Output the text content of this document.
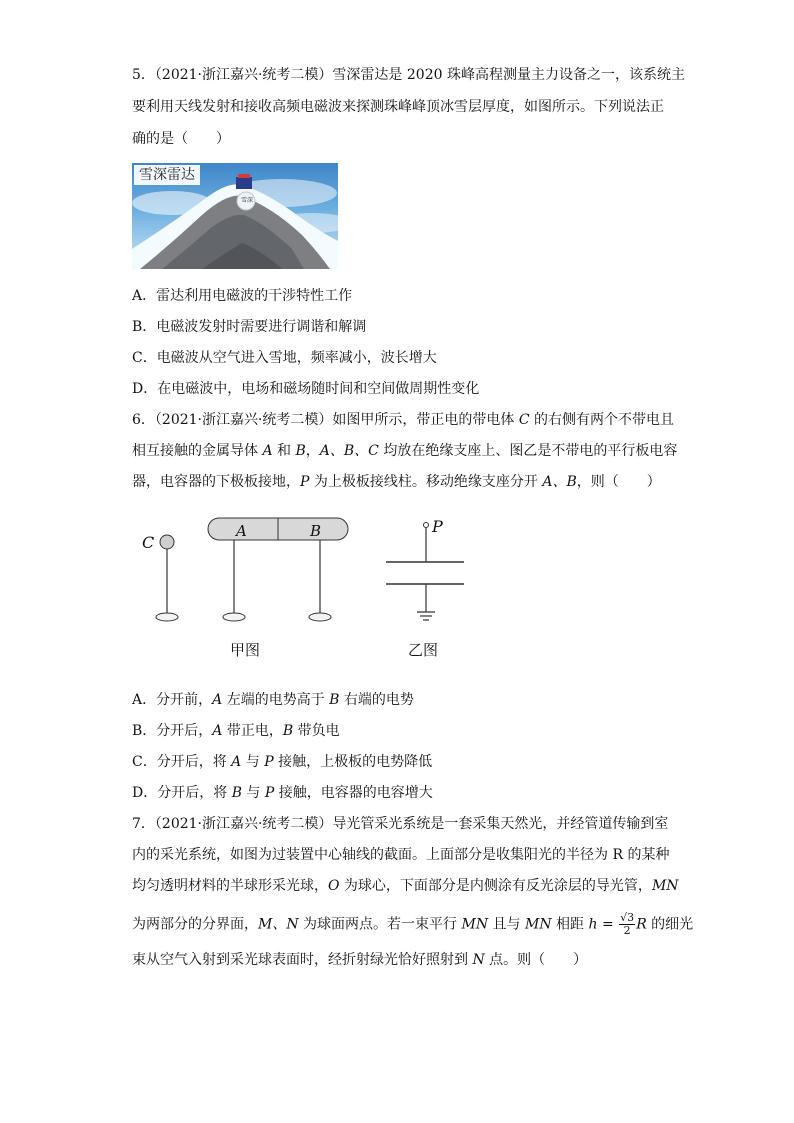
5．（2021·浙江嘉兴·统考二模）雪深雷达是 2020 珠峰高程测量主力设备之一，该系统主
要利用天线发射和接收高频电磁波来探测珠峰峰顶冰雪层厚度，如图所示。下列说法正
确的是（　　）
雪深雷达
雪深
A．雷达利用电磁波的干涉特性工作
B．电磁波发射时需要进行调谐和解调
C．电磁波从空气进入雪地，频率减小，波长增大
D．在电磁波中，电场和磁场随时间和空间做周期性变化
6．（2021·浙江嘉兴·统考二模）如图甲所示，带正电的带电体 C 的右侧有两个不带电且
相互接触的金属导体 A 和 B，A、B、C 均放在绝缘支座上、图乙是不带电的平行板电容
器，电容器的下极板接地，P 为上极板接线柱。移动绝缘支座分开 A、B，则（　　）
C
A	B	P
甲图	乙图
A．分开前，A 左端的电势高于 B 右端的电势
B．分开后，A 带正电，B 带负电
C．分开后，将 A 与 P 接触，上极板的电势降低
D．分开后，将 B 与 P 接触，电容器的电容增大
7．（2021·浙江嘉兴·统考二模）导光管采光系统是一套采集天然光，并经管道传输到室
内的采光系统，如图为过装置中心轴线的截面。上面部分是收集阳光的半径为 R 的某种
均匀透明材料的半球形采光球，O 为球心，下面部分是内侧涂有反光涂层的导光管，MN
为两部分的分界面，M、N 为球面两点。若一束平行 MN 且与 MN 相距 $h = \frac{√3}{2}$ R 的细光
束从空气入射到采光球表面时，经折射绿光恰好照射到 N 点。则（　　）
